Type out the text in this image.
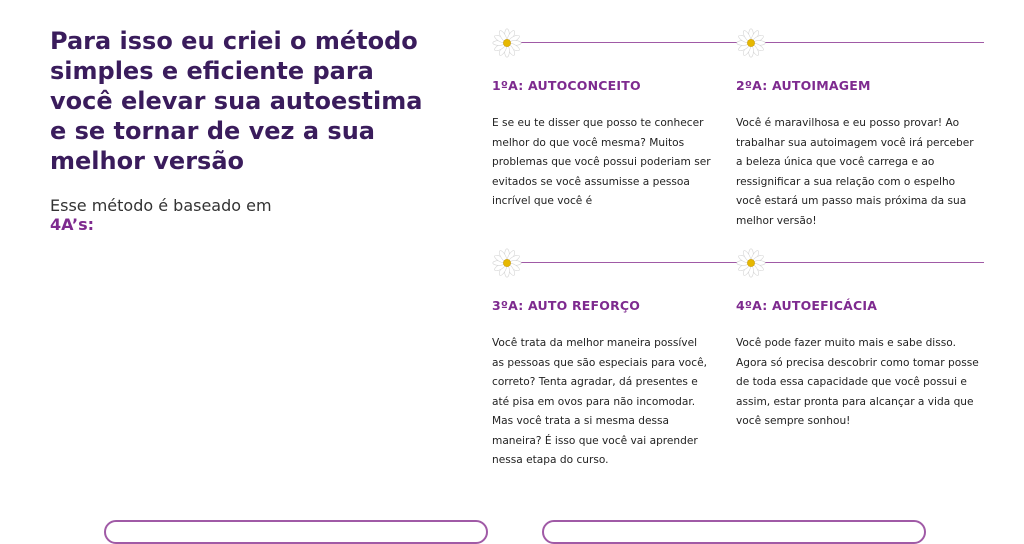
Para isso eu criei o método simples e eficiente para você elevar sua autoestima e se tornar de vez a sua melhor versão

Esse método é baseado em 4A’s:

1ºA: AUTOCONCEITO

E se eu te disser que posso te conhecer melhor do que você mesma? Muitos problemas que você possui poderiam ser evitados se você assumisse a pessoa incrível que você é

2ºA: AUTOIMAGEM

Você é maravilhosa e eu posso provar! Ao trabalhar sua autoimagem você irá perceber a beleza única que você carrega e ao ressignificar a sua relação com o espelho você estará um passo mais próxima da sua melhor versão!

3ºA: AUTO REFORÇO

Você trata da melhor maneira possível as pessoas que são especiais para você, correto? Tenta agradar, dá presentes e até pisa em ovos para não incomodar. Mas você trata a si mesma dessa maneira? É isso que você vai aprender nessa etapa do curso.

4ºA: AUTOEFICÁCIA

Você pode fazer muito mais e sabe disso. Agora só precisa descobrir como tomar posse de toda essa capacidade que você possui e assim, estar pronta para alcançar a vida que você sempre sonhou!
